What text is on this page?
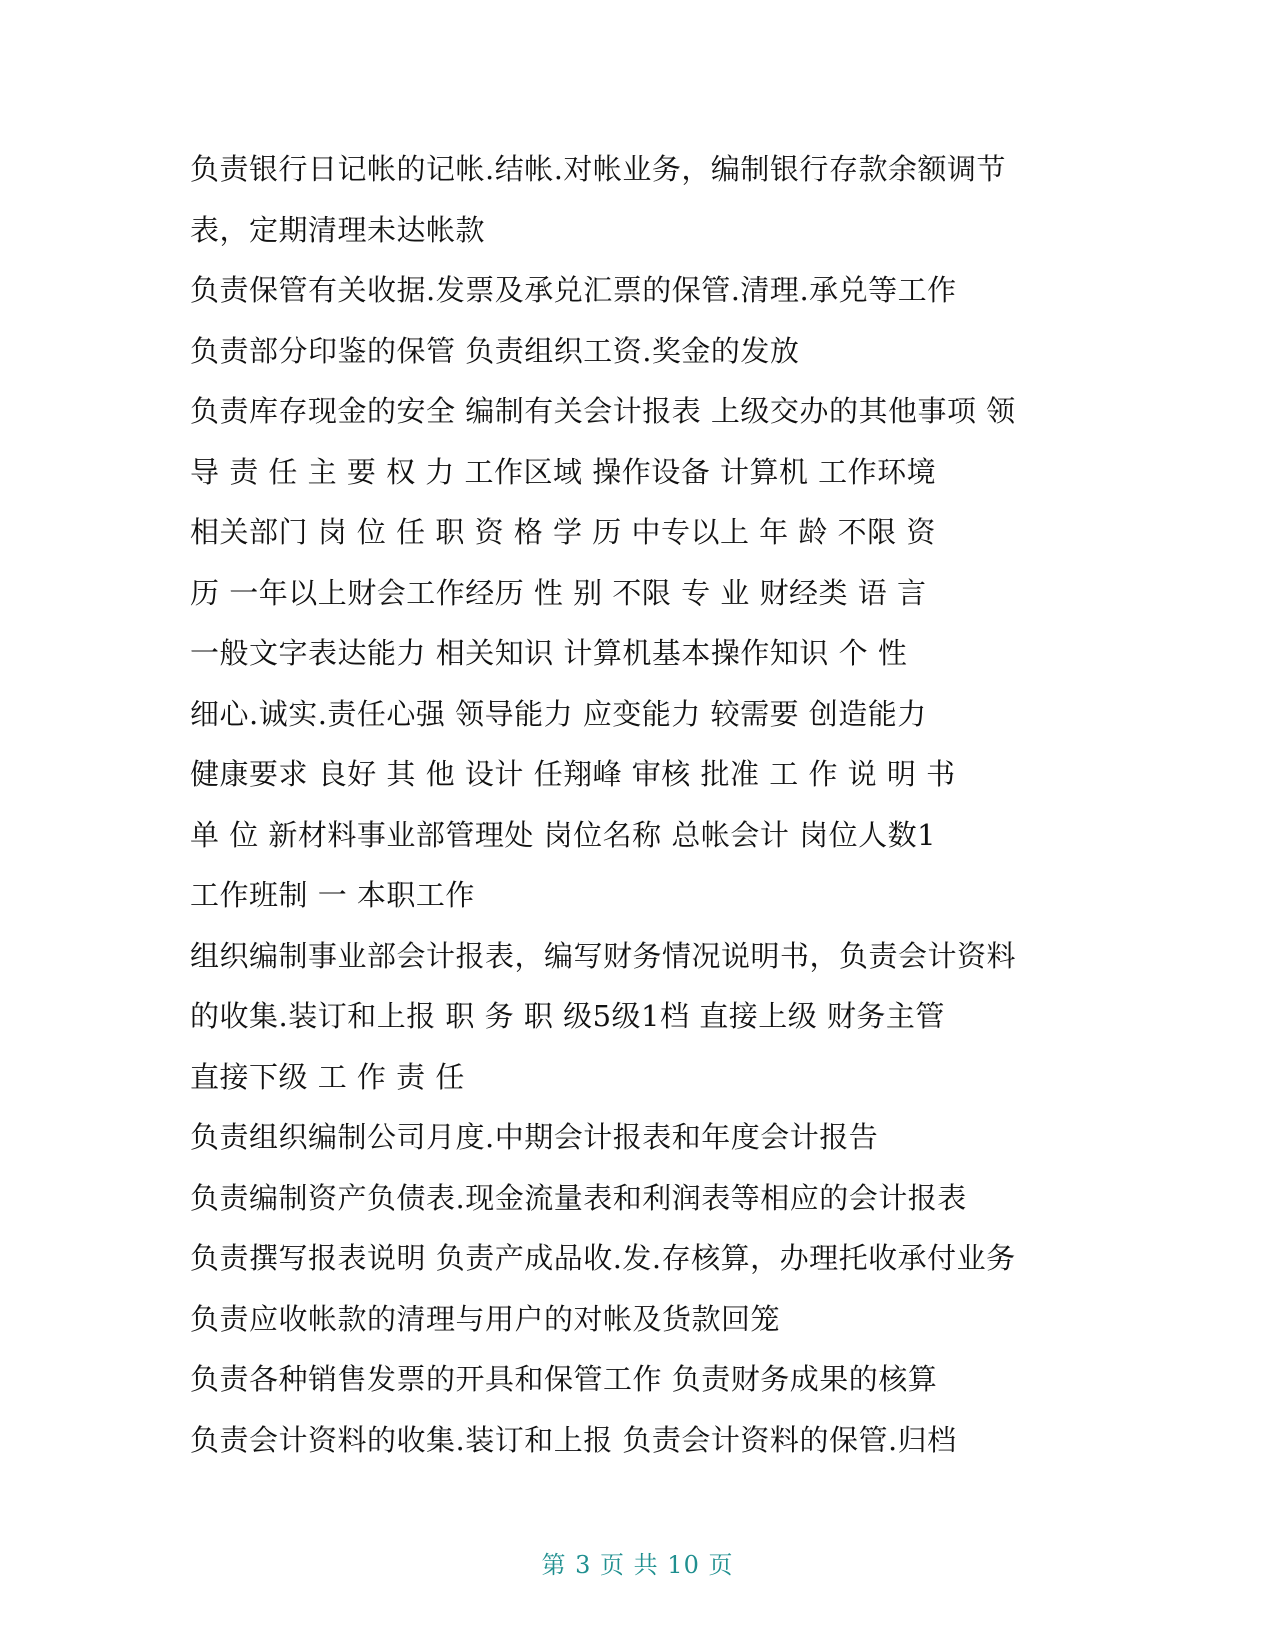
负责银行日记帐的记帐.结帐.对帐业务，编制银行存款余额调节
表，定期清理未达帐款
负责保管有关收据.发票及承兑汇票的保管.清理.承兑等工作
负责部分印鉴的保管 负责组织工资.奖金的发放
负责库存现金的安全 编制有关会计报表 上级交办的其他事项 领
导 责 任 主 要 权 力 工作区域 操作设备 计算机 工作环境
相关部门 岗 位 任 职 资 格 学 历 中专以上 年 龄 不限 资
历 一年以上财会工作经历 性 别 不限 专 业 财经类 语 言
一般文字表达能力 相关知识 计算机基本操作知识 个 性
细心.诚实.责任心强 领导能力 应变能力 较需要 创造能力
健康要求 良好 其 他 设计 任翔峰 审核 批准 工 作 说 明 书
单 位 新材料事业部管理处 岗位名称 总帐会计 岗位人数1
工作班制 一 本职工作
组织编制事业部会计报表，编写财务情况说明书，负责会计资料
的收集.装订和上报 职 务 职 级5级1档 直接上级 财务主管
直接下级 工 作 责 任
负责组织编制公司月度.中期会计报表和年度会计报告
负责编制资产负债表.现金流量表和利润表等相应的会计报表
负责撰写报表说明 负责产成品收.发.存核算，办理托收承付业务
负责应收帐款的清理与用户的对帐及货款回笼
负责各种销售发票的开具和保管工作 负责财务成果的核算
负责会计资料的收集.装订和上报 负责会计资料的保管.归档
第 3 页 共 10 页
